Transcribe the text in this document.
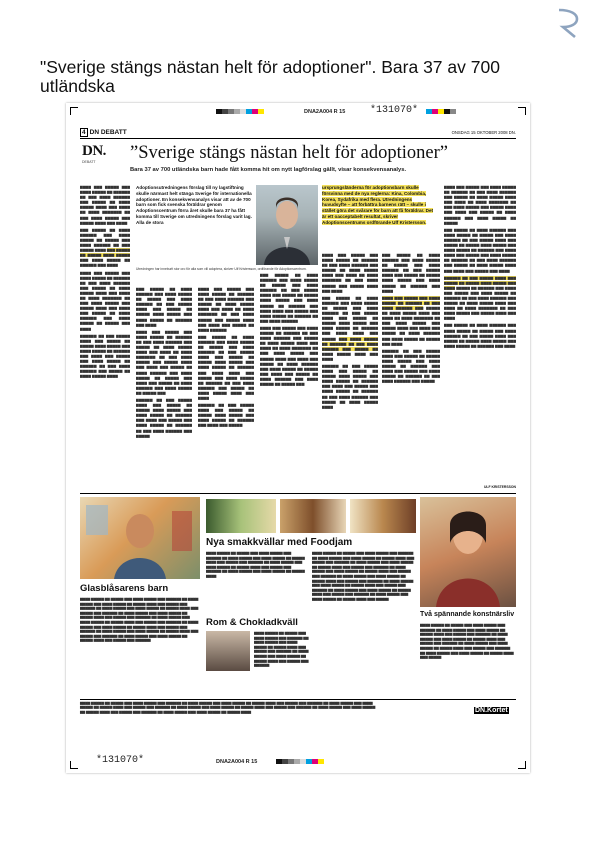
"Sverige stängs nästan helt för adoptioner". Bara 37 av 700 utländska
DNA2A004 R 15 *131070*
4 DN DEBATT	ONSDAG 15 OKTOBER 2008 DN.
DN.
DEBATT ”Sverige stängs nästan helt för adoptioner”
Bara 37 av 700 utländska barn hade fått komma hit om nytt lagförslag gällt, visar konsekvensanalys.

▆▆▆▆ ▆▆▆ ▆▆▆▆▆ ▆▆▆ ▆▆▆▆ ▆▆▆▆▆ ▆▆ ▆▆▆▆▆▆ ▆▆ ▆▆▆ ▆▆▆▆ ▆▆▆▆▆▆ ▆▆▆ ▆▆▆▆▆ ▆▆ ▆▆▆▆ ▆▆▆▆▆ ▆▆▆▆ ▆▆▆ ▆▆▆▆ ▆▆ ▆▆▆▆ ▆▆▆▆▆▆▆ ▆▆ ▆▆▆ ▆▆▆▆ ▆▆▆▆▆ ▆▆▆ ▆▆▆▆▆ ▆▆▆▆ ▆▆▆ ▆▆▆▆

▆▆▆ ▆▆▆▆▆ ▆▆ ▆▆▆▆ ▆▆▆▆▆▆ ▆▆▆ ▆▆▆▆ ▆▆▆▆▆ ▆▆ ▆▆▆▆▆ ▆▆▆ ▆▆▆▆ ▆▆▆▆▆▆ ▆▆ ▆▆▆ ▆▆▆▆▆ ▆▆▆▆ ▆▆▆ ▆▆▆▆▆ ▆▆ ▆▆▆▆▆ ▆▆▆▆ ▆▆▆▆▆ ▆▆▆ ▆▆▆▆ ▆▆▆▆▆ ▆▆ ▆▆▆▆▆▆ ▆▆▆ ▆▆▆▆

▆▆▆▆ ▆▆▆ ▆▆▆▆▆ ▆▆▆ ▆▆▆▆ ▆▆▆▆▆ ▆▆ ▆▆▆▆▆▆ ▆▆ ▆▆▆ ▆▆▆▆ ▆▆▆▆▆▆ ▆▆▆ ▆▆▆▆▆ ▆▆ ▆▆▆▆ ▆▆▆▆▆ ▆▆▆▆ ▆▆▆ ▆▆▆▆ ▆▆ ▆▆▆▆ ▆▆▆▆▆▆▆ ▆▆ ▆▆▆ ▆▆▆▆ ▆▆▆▆▆ ▆▆▆ ▆▆▆▆▆ ▆▆▆▆ ▆▆▆ ▆▆▆▆ ▆▆▆ ▆▆▆▆▆ ▆▆ ▆▆▆▆ ▆▆▆▆▆▆ ▆▆▆ ▆▆▆▆ ▆▆▆▆▆ ▆▆ ▆▆▆▆▆ ▆▆▆ ▆▆▆▆

▆▆▆▆▆▆ ▆▆ ▆▆▆ ▆▆▆▆▆ ▆▆▆▆ ▆▆▆ ▆▆▆▆▆ ▆▆ ▆▆▆▆▆ ▆▆▆▆ ▆▆▆▆▆ ▆▆▆ ▆▆▆▆ ▆▆▆▆▆ ▆▆ ▆▆▆▆▆▆ ▆▆▆ ▆▆▆▆ ▆▆▆ ▆▆▆▆▆ ▆▆▆ ▆▆▆▆ ▆▆▆▆▆ ▆▆ ▆▆▆▆▆▆ ▆▆ ▆▆▆ ▆▆▆▆ ▆▆▆▆▆▆ ▆▆▆ ▆▆▆▆▆ ▆▆ ▆▆▆▆ ▆▆▆▆▆ ▆▆▆▆

Adoptionsutredningens förslag till ny lagstiftning skulle närmast helt stänga Sverige för internationella adoptioner. En konsekvensanalys visar att av de 700 barn som fick svenska föräldrar genom Adoptionscentrum förra året skulle bara 37 ha fått komma till Sverige om utredningens förslag varit lag. Alla de stora
ursprungsländerna för adoptionsbarn skulle försvinna med de nya reglerna: Kina, Colombia, Korea, Sydafrika med flera. Utredningens huvudsyfte – att förbättra barnens rätt – skulle i stället göra det svårare för barn att få föräldrar. Det är ett oacceptabelt resultat, skriver Adoptionscentrums ordförande Ulf Kristersson.
Utredningen har inneburit stor oro för alla som vill adoptera, skriver Ulf Kristersson, ordförande för Adoptionscentrum.

▆▆▆ ▆▆▆▆▆ ▆▆ ▆▆▆▆ ▆▆▆▆▆▆ ▆▆▆ ▆▆▆▆ ▆▆▆▆▆ ▆▆ ▆▆▆▆▆ ▆▆▆ ▆▆▆▆ ▆▆▆▆▆▆ ▆▆ ▆▆▆ ▆▆▆▆▆ ▆▆▆▆ ▆▆▆ ▆▆▆▆▆ ▆▆ ▆▆▆▆▆ ▆▆▆▆ ▆▆▆▆▆ ▆▆▆ ▆▆▆▆ ▆▆▆▆▆ ▆▆ ▆▆▆▆▆▆ ▆▆▆ ▆▆▆▆

▆▆▆▆ ▆▆▆ ▆▆▆▆▆ ▆▆▆ ▆▆▆▆ ▆▆▆▆▆ ▆▆ ▆▆▆▆▆▆ ▆▆ ▆▆▆ ▆▆▆▆ ▆▆▆▆▆▆ ▆▆▆ ▆▆▆▆▆ ▆▆ ▆▆▆▆ ▆▆▆▆▆ ▆▆▆▆ ▆▆▆ ▆▆▆▆ ▆▆ ▆▆▆▆ ▆▆▆▆▆▆▆ ▆▆ ▆▆▆ ▆▆▆▆ ▆▆▆▆▆ ▆▆▆ ▆▆▆▆▆ ▆▆▆▆ ▆▆▆ ▆▆▆▆ ▆▆▆ ▆▆▆▆▆ ▆▆ ▆▆▆▆ ▆▆▆▆▆▆ ▆▆▆ ▆▆▆▆ ▆▆▆▆▆ ▆▆ ▆▆▆▆▆ ▆▆▆ ▆▆▆▆ ▆▆▆ ▆▆▆▆▆ ▆▆ ▆▆▆▆ ▆▆▆▆▆▆ ▆▆▆ ▆▆▆▆ ▆▆▆▆▆ ▆▆ ▆▆▆▆▆ ▆▆▆

▆▆▆▆▆▆ ▆▆ ▆▆▆ ▆▆▆▆▆ ▆▆▆▆ ▆▆▆ ▆▆▆▆▆ ▆▆ ▆▆▆▆▆ ▆▆▆▆ ▆▆▆▆▆ ▆▆▆ ▆▆▆▆ ▆▆▆▆▆ ▆▆ ▆▆▆▆▆▆ ▆▆▆ ▆▆▆▆ ▆▆▆ ▆▆▆▆▆ ▆▆▆ ▆▆▆▆ ▆▆▆▆▆ ▆▆ ▆▆▆▆▆▆ ▆▆ ▆▆▆ ▆▆▆▆ ▆▆▆▆▆▆ ▆▆▆ ▆▆▆▆▆

▆▆▆▆ ▆▆▆ ▆▆▆▆▆ ▆▆▆ ▆▆▆▆ ▆▆▆▆▆ ▆▆ ▆▆▆▆▆▆ ▆▆ ▆▆▆ ▆▆▆▆ ▆▆▆▆▆▆ ▆▆▆ ▆▆▆▆▆ ▆▆ ▆▆▆▆ ▆▆▆▆▆ ▆▆▆▆ ▆▆▆ ▆▆▆▆ ▆▆ ▆▆▆▆ ▆▆▆▆▆▆▆ ▆▆ ▆▆▆ ▆▆▆▆ ▆▆▆▆▆ ▆▆▆ ▆▆▆▆▆ ▆▆▆▆ ▆▆▆ ▆▆▆▆ ▆▆▆ ▆▆▆▆▆ ▆▆ ▆▆▆▆ ▆▆▆▆▆▆

▆▆▆ ▆▆▆▆▆ ▆▆ ▆▆▆▆ ▆▆▆▆▆▆ ▆▆▆ ▆▆▆▆ ▆▆▆▆▆ ▆▆ ▆▆▆▆▆ ▆▆▆ ▆▆▆▆ ▆▆▆▆▆▆ ▆▆ ▆▆▆ ▆▆▆▆▆ ▆▆▆▆ ▆▆▆ ▆▆▆▆▆ ▆▆ ▆▆▆▆▆ ▆▆▆▆ ▆▆▆▆▆ ▆▆▆ ▆▆▆▆ ▆▆▆▆▆ ▆▆ ▆▆▆▆▆▆ ▆▆▆ ▆▆▆▆ ▆▆▆▆ ▆▆▆ ▆▆▆▆▆ ▆▆▆ ▆▆▆▆ ▆▆▆▆▆ ▆▆ ▆▆▆▆▆▆ ▆▆ ▆▆▆ ▆▆▆▆ ▆▆▆▆▆▆ ▆▆▆ ▆▆▆▆▆ ▆▆ ▆▆▆▆ ▆▆▆▆▆ ▆▆▆▆ ▆▆▆ ▆▆▆▆

▆▆▆▆▆▆ ▆▆ ▆▆▆ ▆▆▆▆▆ ▆▆▆▆ ▆▆▆ ▆▆▆▆▆ ▆▆ ▆▆▆▆▆ ▆▆▆▆ ▆▆▆▆▆ ▆▆▆ ▆▆▆▆ ▆▆▆▆▆ ▆▆ ▆▆▆▆▆▆ ▆▆▆ ▆▆▆▆ ▆▆▆ ▆▆▆▆▆

▆▆▆ ▆▆▆▆▆ ▆▆ ▆▆▆▆ ▆▆▆▆▆▆ ▆▆▆ ▆▆▆▆ ▆▆▆▆▆ ▆▆ ▆▆▆▆▆ ▆▆▆ ▆▆▆▆ ▆▆▆▆▆▆ ▆▆ ▆▆▆ ▆▆▆▆▆ ▆▆▆▆ ▆▆▆ ▆▆▆▆▆ ▆▆ ▆▆▆▆▆ ▆▆▆▆ ▆▆▆▆▆ ▆▆▆ ▆▆▆▆ ▆▆▆▆▆ ▆▆ ▆▆▆▆▆▆ ▆▆▆ ▆▆▆▆ ▆▆▆▆ ▆▆▆ ▆▆▆▆▆ ▆▆▆ ▆▆▆▆ ▆▆▆▆▆ ▆▆ ▆▆▆▆▆▆ ▆▆ ▆▆▆ ▆▆▆▆ ▆▆▆▆▆▆

▆▆▆▆ ▆▆▆ ▆▆▆▆▆ ▆▆▆ ▆▆▆▆ ▆▆▆▆▆ ▆▆ ▆▆▆▆▆▆ ▆▆ ▆▆▆ ▆▆▆▆ ▆▆▆▆▆▆ ▆▆▆ ▆▆▆▆▆ ▆▆ ▆▆▆▆ ▆▆▆▆▆ ▆▆▆▆ ▆▆▆ ▆▆▆▆ ▆▆ ▆▆▆▆ ▆▆▆▆▆▆▆ ▆▆ ▆▆▆ ▆▆▆▆ ▆▆▆▆▆ ▆▆▆ ▆▆▆▆▆ ▆▆▆▆ ▆▆▆ ▆▆▆▆ ▆▆▆ ▆▆▆▆▆ ▆▆ ▆▆▆▆ ▆▆▆▆▆▆ ▆▆▆ ▆▆▆▆ ▆▆▆▆▆ ▆▆ ▆▆▆▆▆ ▆▆▆ ▆▆▆▆ ▆▆▆ ▆▆▆▆▆ ▆▆ ▆▆▆▆ ▆▆▆▆▆▆ ▆▆▆ ▆▆▆▆ ▆▆▆▆▆ ▆▆ ▆▆▆▆▆ ▆▆▆

▆▆▆▆ ▆▆▆ ▆▆▆▆▆ ▆▆▆ ▆▆▆▆ ▆▆▆▆▆ ▆▆ ▆▆▆▆▆▆ ▆▆ ▆▆▆ ▆▆▆▆ ▆▆▆▆▆▆ ▆▆▆ ▆▆▆▆▆ ▆▆ ▆▆▆▆ ▆▆▆▆▆ ▆▆▆▆ ▆▆▆ ▆▆▆▆ ▆▆ ▆▆▆▆ ▆▆▆▆▆▆▆ ▆▆ ▆▆▆ ▆▆▆▆ ▆▆▆▆▆ ▆▆▆ ▆▆▆▆▆ ▆▆▆▆ ▆▆▆ ▆▆▆▆

▆▆▆ ▆▆▆▆▆ ▆▆ ▆▆▆▆ ▆▆▆▆▆▆ ▆▆▆ ▆▆▆▆ ▆▆▆▆▆ ▆▆ ▆▆▆▆▆ ▆▆▆ ▆▆▆▆ ▆▆▆▆▆▆ ▆▆ ▆▆▆ ▆▆▆▆▆ ▆▆▆▆ ▆▆▆ ▆▆▆▆▆ ▆▆ ▆▆▆▆▆ ▆▆▆▆ ▆▆▆▆▆ ▆▆▆ ▆▆▆▆ ▆▆▆▆▆ ▆▆ ▆▆▆▆▆▆ ▆▆▆ ▆▆▆▆ ▆▆▆▆ ▆▆▆ ▆▆▆▆▆ ▆▆▆ ▆▆▆▆ ▆▆▆▆▆ ▆▆ ▆▆▆▆▆▆ ▆▆ ▆▆▆ ▆▆▆▆ ▆▆▆▆▆▆ ▆▆▆ ▆▆▆▆▆ ▆▆ ▆▆▆▆ ▆▆▆▆▆ ▆▆▆▆ ▆▆▆ ▆▆▆▆

▆▆▆▆▆▆ ▆▆ ▆▆▆ ▆▆▆▆▆ ▆▆▆▆ ▆▆▆ ▆▆▆▆▆ ▆▆ ▆▆▆▆▆ ▆▆▆▆ ▆▆▆▆▆ ▆▆▆ ▆▆▆▆ ▆▆▆▆▆ ▆▆ ▆▆▆▆▆▆ ▆▆▆ ▆▆▆▆ ▆▆▆ ▆▆▆▆▆ ▆▆▆ ▆▆▆▆ ▆▆▆▆▆ ▆▆ ▆▆▆▆▆▆ ▆▆ ▆▆▆ ▆▆▆▆ ▆▆▆▆▆▆ ▆▆▆ ▆▆▆▆▆ ▆▆ ▆▆▆▆ ▆▆▆▆▆ ▆▆▆▆

▆▆▆ ▆▆▆▆▆ ▆▆ ▆▆▆▆ ▆▆▆▆▆▆ ▆▆▆ ▆▆▆▆ ▆▆▆▆▆ ▆▆ ▆▆▆▆▆ ▆▆▆ ▆▆▆▆ ▆▆▆▆▆▆ ▆▆ ▆▆▆ ▆▆▆▆▆ ▆▆▆▆ ▆▆▆ ▆▆▆▆▆ ▆▆ ▆▆▆▆▆ ▆▆▆▆ ▆▆▆▆▆ ▆▆▆ ▆▆▆▆ ▆▆▆▆▆ ▆▆ ▆▆▆▆▆▆ ▆▆▆ ▆▆▆▆

▆▆▆▆ ▆▆▆ ▆▆▆▆▆ ▆▆▆ ▆▆▆▆ ▆▆▆▆▆ ▆▆ ▆▆▆▆▆▆ ▆▆ ▆▆▆ ▆▆▆▆ ▆▆▆▆▆▆ ▆▆▆ ▆▆▆▆▆ ▆▆ ▆▆▆▆ ▆▆▆▆▆ ▆▆▆▆ ▆▆▆ ▆▆▆▆ ▆▆ ▆▆▆▆ ▆▆▆▆▆▆▆ ▆▆ ▆▆▆ ▆▆▆▆ ▆▆▆▆▆ ▆▆▆ ▆▆▆▆▆ ▆▆▆▆ ▆▆▆ ▆▆▆▆ ▆▆▆ ▆▆▆▆▆ ▆▆ ▆▆▆▆ ▆▆▆▆▆▆ ▆▆▆ ▆▆▆▆ ▆▆▆▆▆ ▆▆ ▆▆▆▆▆ ▆▆▆ ▆▆▆▆

▆▆▆▆▆▆ ▆▆ ▆▆▆ ▆▆▆▆▆ ▆▆▆▆ ▆▆▆ ▆▆▆▆▆ ▆▆ ▆▆▆▆▆ ▆▆▆▆ ▆▆▆▆▆ ▆▆▆ ▆▆▆▆ ▆▆▆▆▆ ▆▆ ▆▆▆▆▆▆ ▆▆▆ ▆▆▆▆ ▆▆▆ ▆▆▆▆▆ ▆▆▆ ▆▆▆▆ ▆▆▆▆▆ ▆▆ ▆▆▆▆▆▆ ▆▆ ▆▆▆ ▆▆▆▆ ▆▆▆▆▆▆ ▆▆▆ ▆▆▆▆▆

▆▆▆▆ ▆▆▆ ▆▆▆▆▆ ▆▆▆ ▆▆▆▆ ▆▆▆▆▆ ▆▆ ▆▆▆▆▆▆ ▆▆ ▆▆▆ ▆▆▆▆ ▆▆▆▆▆▆ ▆▆▆ ▆▆▆▆▆ ▆▆ ▆▆▆▆ ▆▆▆▆▆ ▆▆▆▆ ▆▆▆ ▆▆▆▆ ▆▆ ▆▆▆▆ ▆▆▆▆▆▆▆ ▆▆ ▆▆▆ ▆▆▆▆ ▆▆▆▆▆ ▆▆▆ ▆▆▆▆▆ ▆▆▆▆ ▆▆▆ ▆▆▆▆ ▆▆▆ ▆▆▆▆▆ ▆▆ ▆▆▆▆ ▆▆▆▆▆▆ ▆▆▆ ▆▆▆▆ ▆▆▆▆▆ ▆▆ ▆▆▆▆▆

▆▆▆ ▆▆▆▆▆ ▆▆ ▆▆▆▆ ▆▆▆▆▆▆ ▆▆▆ ▆▆▆▆ ▆▆▆▆▆ ▆▆ ▆▆▆▆▆ ▆▆▆ ▆▆▆▆ ▆▆▆▆▆▆ ▆▆ ▆▆▆ ▆▆▆▆▆ ▆▆▆▆ ▆▆▆ ▆▆▆▆▆ ▆▆ ▆▆▆▆▆ ▆▆▆▆ ▆▆▆▆▆ ▆▆▆ ▆▆▆▆ ▆▆▆▆▆ ▆▆ ▆▆▆▆▆▆ ▆▆▆ ▆▆▆▆ ▆▆▆▆ ▆▆▆ ▆▆▆▆▆ ▆▆▆ ▆▆▆▆ ▆▆▆▆▆ ▆▆ ▆▆▆▆▆▆ ▆▆ ▆▆▆ ▆▆▆▆ ▆▆▆▆▆▆ ▆▆▆ ▆▆▆▆▆ ▆▆ ▆▆▆▆ ▆▆▆▆▆ ▆▆▆▆ ▆▆▆ ▆▆▆▆ ▆▆▆ ▆▆▆▆▆ ▆▆▆ ▆▆▆▆

▆▆▆▆▆▆ ▆▆ ▆▆▆ ▆▆▆▆▆ ▆▆▆▆ ▆▆▆ ▆▆▆▆▆ ▆▆ ▆▆▆▆▆ ▆▆▆▆ ▆▆▆▆▆ ▆▆▆ ▆▆▆▆ ▆▆▆▆▆ ▆▆ ▆▆▆▆▆▆ ▆▆▆ ▆▆▆▆ ▆▆▆ ▆▆▆▆▆ ▆▆▆ ▆▆▆▆ ▆▆▆▆▆ ▆▆ ▆▆▆▆▆▆ ▆▆ ▆▆▆ ▆▆▆▆ ▆▆▆▆▆▆ ▆▆▆ ▆▆▆▆▆ ▆▆ ▆▆▆▆ ▆▆▆▆▆ ▆▆▆▆ ▆▆▆ ▆▆▆▆ ▆▆ ▆▆▆▆ ▆▆▆▆▆▆▆ ▆▆ ▆▆▆ ▆▆▆▆ ▆▆▆▆▆ ▆▆▆ ▆▆▆▆▆ ▆▆▆▆ ▆▆▆ ▆▆▆▆

▆▆▆ ▆▆▆▆▆ ▆▆ ▆▆▆▆ ▆▆▆▆▆▆ ▆▆▆ ▆▆▆▆ ▆▆▆▆▆ ▆▆ ▆▆▆▆▆ ▆▆▆ ▆▆▆▆ ▆▆▆▆▆▆ ▆▆ ▆▆▆ ▆▆▆▆▆ ▆▆▆▆ ▆▆▆ ▆▆▆▆▆ ▆▆ ▆▆▆▆▆ ▆▆▆▆ ▆▆▆▆▆ ▆▆▆ ▆▆▆▆ ▆▆▆▆▆ ▆▆ ▆▆▆▆▆▆ ▆▆▆ ▆▆▆▆

ULF KRISTERSSON
Nya smakkvällar med Foodjam
Glasblåsarens barn
Rom & Chokladkväll
Två spännande konstnärsliv
▆▆▆▆ ▆▆▆▆▆ ▆▆ ▆▆▆▆▆ ▆▆▆ ▆▆▆▆ ▆▆▆▆▆ ▆▆▆ ▆▆▆▆▆▆ ▆▆ ▆▆▆▆ ▆▆▆▆▆ ▆▆▆ ▆▆▆▆ ▆▆▆▆▆ ▆▆ ▆▆▆▆▆ ▆▆▆▆ ▆▆▆ ▆▆▆▆▆ ▆▆▆ ▆▆▆▆▆▆ ▆▆ ▆▆▆▆ ▆▆▆▆▆ ▆▆▆ ▆▆▆▆ ▆▆▆▆▆ ▆▆ ▆▆▆▆▆ ▆▆▆▆ ▆▆▆ ▆▆▆▆▆ ▆▆▆ ▆▆▆▆▆▆ ▆▆ ▆▆▆▆ ▆▆▆▆▆ ▆▆▆ ▆▆▆▆ ▆▆▆▆▆ ▆▆ ▆▆▆▆▆ ▆▆▆▆
▆▆▆▆ ▆▆▆▆▆ ▆▆ ▆▆▆▆▆ ▆▆▆ ▆▆▆▆ ▆▆▆▆▆ ▆▆▆ ▆▆▆▆▆▆ ▆▆ ▆▆▆▆ ▆▆▆▆▆ ▆▆▆ ▆▆▆▆ ▆▆▆▆▆ ▆▆ ▆▆▆▆▆ ▆▆▆▆ ▆▆▆ ▆▆▆▆▆ ▆▆▆ ▆▆▆▆▆▆ ▆▆ ▆▆▆▆ ▆▆▆▆▆ ▆▆▆ ▆▆▆▆ ▆▆▆▆▆ ▆▆ ▆▆▆▆▆ ▆▆▆▆ ▆▆▆ ▆▆▆▆▆ ▆▆▆ ▆▆▆▆▆▆ ▆▆ ▆▆▆▆ ▆▆▆▆▆ ▆▆▆ ▆▆▆▆ ▆▆▆▆▆ ▆▆ ▆▆▆▆▆ ▆▆▆▆ ▆▆▆ ▆▆▆▆▆ ▆▆▆ ▆▆▆▆▆▆ ▆▆ ▆▆▆▆ ▆▆▆▆▆ ▆▆▆ ▆▆▆▆ ▆▆▆▆▆ ▆▆ ▆▆▆▆▆ ▆▆▆▆ ▆▆▆ ▆▆▆▆▆ ▆▆▆ ▆▆▆▆▆▆ ▆▆ ▆▆▆▆ ▆▆▆▆▆ ▆▆▆ ▆▆▆▆ ▆▆▆▆▆ ▆▆ ▆▆▆▆▆ ▆▆▆▆ ▆▆▆ ▆▆▆▆▆ ▆▆▆ ▆▆▆▆▆▆ ▆▆ ▆▆▆▆ ▆▆▆▆▆ ▆▆▆ ▆▆▆▆ ▆▆▆▆▆ ▆▆ ▆▆▆▆▆ ▆▆▆▆ ▆▆▆ ▆▆▆▆▆ ▆▆▆ ▆▆▆▆▆▆ ▆▆ ▆▆▆▆ ▆▆▆▆▆ ▆▆▆ ▆▆▆▆ ▆▆▆▆▆ ▆▆ ▆▆▆▆▆ ▆▆▆▆ ▆▆▆ ▆▆▆▆▆
▆▆▆▆ ▆▆▆▆▆ ▆▆ ▆▆▆▆▆ ▆▆▆ ▆▆▆▆ ▆▆▆▆▆ ▆▆▆ ▆▆▆▆▆▆ ▆▆ ▆▆▆▆ ▆▆▆▆▆ ▆▆▆ ▆▆▆▆ ▆▆▆▆▆ ▆▆ ▆▆▆▆▆ ▆▆▆▆ ▆▆▆ ▆▆▆▆▆ ▆▆▆ ▆▆▆▆▆▆ ▆▆ ▆▆▆▆ ▆▆▆▆▆ ▆▆▆ ▆▆▆▆ ▆▆▆▆▆ ▆▆ ▆▆▆▆▆ ▆▆▆▆ ▆▆▆ ▆▆▆▆▆ ▆▆▆ ▆▆▆▆▆▆ ▆▆ ▆▆▆▆ ▆▆▆▆▆ ▆▆▆ ▆▆▆▆ ▆▆▆▆▆ ▆▆ ▆▆▆▆▆ ▆▆▆▆ ▆▆▆ ▆▆▆▆▆ ▆▆▆ ▆▆▆▆▆▆ ▆▆ ▆▆▆▆ ▆▆▆▆▆ ▆▆▆ ▆▆▆▆ ▆▆▆▆▆ ▆▆ ▆▆▆▆▆ ▆▆▆▆ ▆▆▆ ▆▆▆▆▆ ▆▆▆ ▆▆▆▆▆▆ ▆▆ ▆▆▆▆ ▆▆▆▆▆ ▆▆▆ ▆▆▆▆ ▆▆▆▆▆ ▆▆ ▆▆▆▆▆ ▆▆▆▆ ▆▆▆ ▆▆▆▆▆ ▆▆▆ ▆▆▆▆▆▆ ▆▆ ▆▆▆▆ ▆▆▆▆▆ ▆▆▆ ▆▆▆▆ ▆▆▆▆▆ ▆▆ ▆▆▆▆▆ ▆▆▆▆ ▆▆▆ ▆▆▆▆▆ ▆▆▆ ▆▆▆▆▆▆ ▆▆ ▆▆▆▆ ▆▆▆▆▆ ▆▆▆ ▆▆▆▆ ▆▆▆▆▆ ▆▆ ▆▆▆▆▆ ▆▆▆▆ ▆▆▆ ▆▆▆▆▆ ▆▆▆ ▆▆▆▆▆▆
▆▆▆▆ ▆▆▆▆▆ ▆▆ ▆▆▆▆▆ ▆▆▆ ▆▆▆▆ ▆▆▆▆▆ ▆▆▆ ▆▆▆▆▆▆ ▆▆ ▆▆▆▆ ▆▆▆▆▆ ▆▆▆ ▆▆▆▆ ▆▆▆▆▆ ▆▆ ▆▆▆▆▆ ▆▆▆▆ ▆▆▆ ▆▆▆▆▆ ▆▆▆ ▆▆▆▆▆▆ ▆▆ ▆▆▆▆ ▆▆▆▆▆ ▆▆▆ ▆▆▆▆ ▆▆▆▆▆ ▆▆ ▆▆▆▆▆ ▆▆▆▆ ▆▆▆ ▆▆▆▆▆ ▆▆▆ ▆▆▆▆▆▆
▆▆▆▆ ▆▆▆▆▆ ▆▆ ▆▆▆▆▆ ▆▆▆ ▆▆▆▆ ▆▆▆▆▆ ▆▆▆ ▆▆▆▆▆▆ ▆▆ ▆▆▆▆ ▆▆▆▆▆ ▆▆▆ ▆▆▆▆ ▆▆▆▆▆ ▆▆ ▆▆▆▆▆ ▆▆▆▆ ▆▆▆ ▆▆▆▆▆ ▆▆▆ ▆▆▆▆▆▆ ▆▆ ▆▆▆▆ ▆▆▆▆▆ ▆▆▆ ▆▆▆▆ ▆▆▆▆▆ ▆▆ ▆▆▆▆▆ ▆▆▆▆ ▆▆▆ ▆▆▆▆▆ ▆▆▆ ▆▆▆▆▆▆ ▆▆ ▆▆▆▆ ▆▆▆▆▆ ▆▆▆ ▆▆▆▆ ▆▆▆▆▆ ▆▆ ▆▆▆▆▆ ▆▆▆▆ ▆▆▆ ▆▆▆▆▆ ▆▆▆ ▆▆▆▆▆▆ ▆▆ ▆▆▆▆ ▆▆▆▆▆ ▆▆▆ ▆▆▆▆ ▆▆▆▆▆ ▆▆ ▆▆▆▆▆ ▆▆▆▆ ▆▆▆ ▆▆▆▆▆
▆▆▆▆ ▆▆▆▆▆ ▆▆ ▆▆▆▆▆ ▆▆▆ ▆▆▆▆ ▆▆▆▆▆ ▆▆▆ ▆▆▆▆▆▆ ▆▆ ▆▆▆▆ ▆▆▆▆▆ ▆▆▆ ▆▆▆▆ ▆▆▆▆▆ ▆▆ ▆▆▆▆▆ ▆▆▆▆ ▆▆▆ ▆▆▆▆▆ ▆▆▆ ▆▆▆▆▆▆ ▆▆ ▆▆▆▆ ▆▆▆▆▆ ▆▆▆ ▆▆▆▆ ▆▆▆▆▆ ▆▆ ▆▆▆▆▆ ▆▆▆▆ ▆▆▆ ▆▆▆▆▆ ▆▆▆ ▆▆▆▆▆▆ ▆▆ ▆▆▆▆ ▆▆▆▆▆ ▆▆▆ ▆▆▆▆ ▆▆▆▆▆ ▆▆ ▆▆▆▆▆ ▆▆▆▆ ▆▆▆ ▆▆▆▆▆ ▆▆▆ ▆▆▆▆▆▆ ▆▆ ▆▆▆▆ ▆▆▆▆▆ ▆▆▆ ▆▆▆▆ ▆▆▆▆▆ ▆▆ ▆▆▆▆▆ ▆▆▆▆ ▆▆▆ ▆▆▆▆▆ ▆▆▆ ▆▆▆▆▆▆ ▆▆ ▆▆▆▆ ▆▆▆▆▆ ▆▆▆ ▆▆▆▆ ▆▆▆▆▆ ▆▆ ▆▆▆▆▆ ▆▆▆▆	DN.Kortet
*131070*	DNA2A004 R 15
